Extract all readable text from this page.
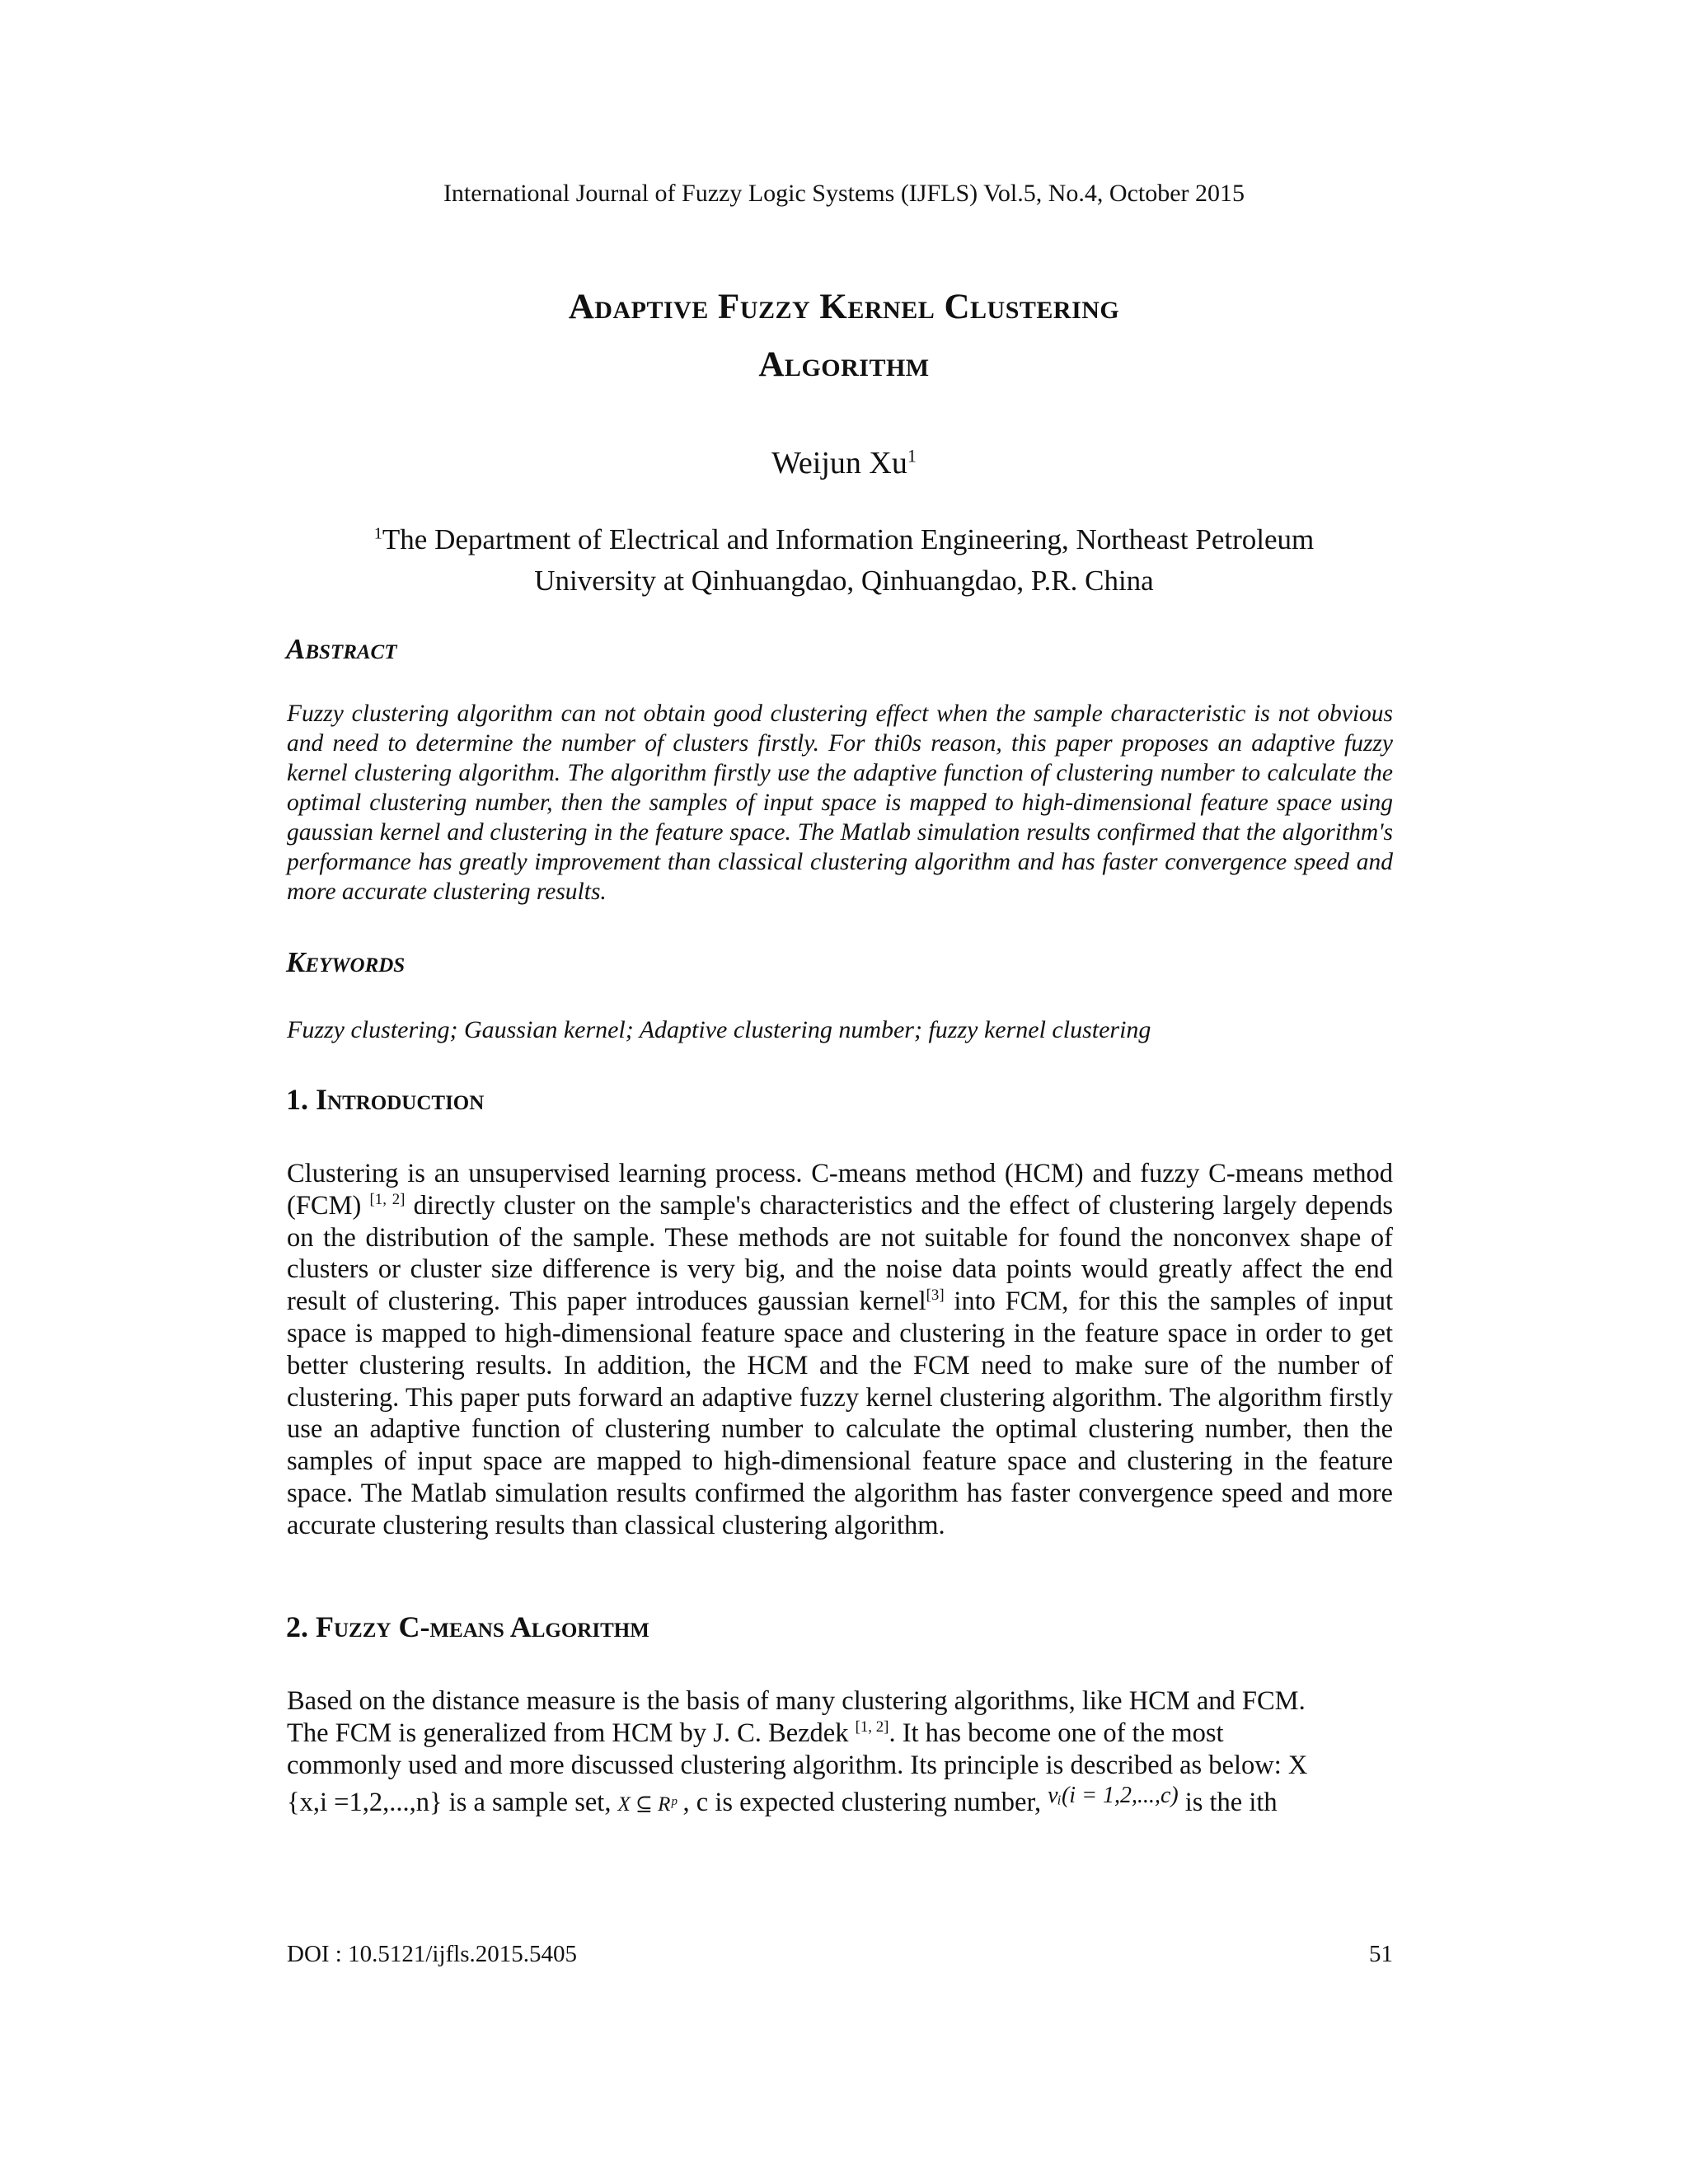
International Journal of Fuzzy Logic Systems (IJFLS) Vol.5, No.4, October 2015
Adaptive Fuzzy Kernel Clustering
Algorithm
Weijun Xu$^1$
$^1$The Department of Electrical and Information Engineering, Northeast Petroleum
University at Qinhuangdao, Qinhuangdao, P.R. China
Abstract
Fuzzy clustering algorithm can not obtain good clustering effect when the sample characteristic is not obvious and need to determine the number of clusters firstly. For thi0s reason, this paper proposes an adaptive fuzzy kernel clustering algorithm. The algorithm firstly use the adaptive function of clustering number to calculate the optimal clustering number, then the samples of input space is mapped to high-dimensional feature space using gaussian kernel and clustering in the feature space. The Matlab simulation results confirmed that the algorithm's performance has greatly improvement than classical clustering algorithm and has faster convergence speed and more accurate clustering results.
Keywords
Fuzzy clustering; Gaussian kernel; Adaptive clustering number; fuzzy kernel clustering
1. Introduction
Clustering is an unsupervised learning process. C-means method (HCM) and fuzzy C-means method (FCM) [1, 2] directly cluster on the sample's characteristics and the effect of clustering largely depends on the distribution of the sample. These methods are not suitable for found the nonconvex shape of clusters or cluster size difference is very big, and the noise data points would greatly affect the end result of clustering. This paper introduces gaussian kernel[3] into FCM, for this the samples of input space is mapped to high-dimensional feature space and clustering in the feature space in order to get better clustering results. In addition, the HCM and the FCM need to make sure of the number of clustering. This paper puts forward an adaptive fuzzy kernel clustering algorithm. The algorithm firstly use an adaptive function of clustering number to calculate the optimal clustering number, then the samples of input space are mapped to high-dimensional feature space and clustering in the feature space. The Matlab simulation results confirmed the algorithm has faster convergence speed and more accurate clustering results than classical clustering algorithm.
2. Fuzzy C-means Algorithm
Based on the distance measure is the basis of many clustering algorithms, like HCM and FCM.
The FCM is generalized from HCM by J. C. Bezdek [1, 2]. It has become one of the most
commonly used and more discussed clustering algorithm. Its principle is described as below: X
{x,i =1,2,...,n} is a sample set, X ⊆ Rᵖ , c is expected clustering number, vᵢ(i = 1,2,...,c) is the ith
DOI : 10.5121/ijfls.2015.5405	51
